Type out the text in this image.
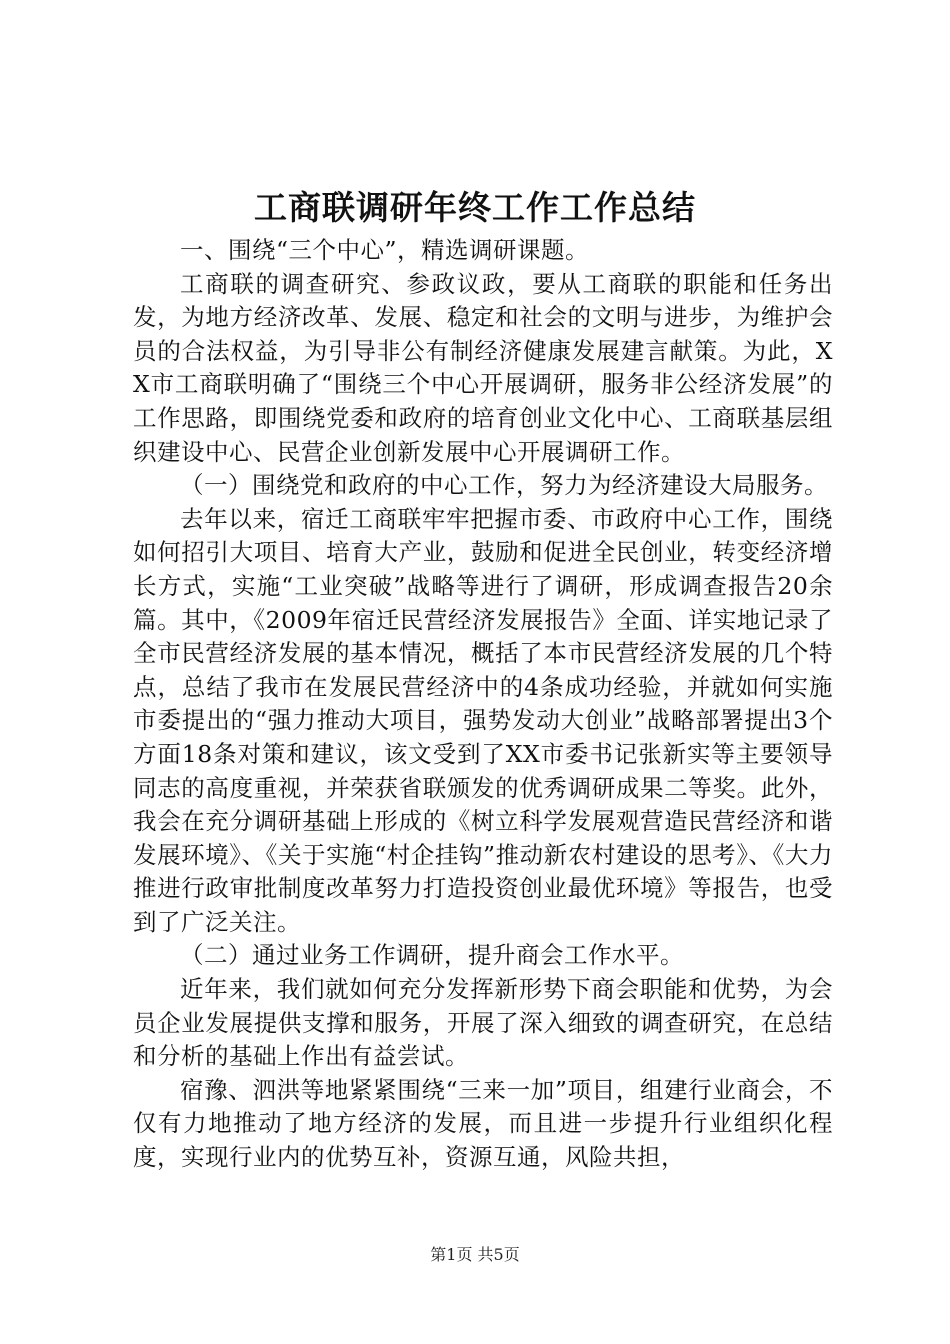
工商联调研年终工作工作总结

一、围绕“三个中心”，精选调研课题。

工商联的调查研究、参政议政，要从工商联的职能和任务出发，为地方经济改革、发展、稳定和社会的文明与进步，为维护会员的合法权益，为引导非公有制经济健康发展建言献策。为此，XX市工商联明确了“围绕三个中心开展调研，服务非公经济发展”的工作思路，即围绕党委和政府的培育创业文化中心、工商联基层组织建设中心、民营企业创新发展中心开展调研工作。

（一）围绕党和政府的中心工作，努力为经济建设大局服务。

去年以来，宿迁工商联牢牢把握市委、市政府中心工作，围绕如何招引大项目、培育大产业，鼓励和促进全民创业，转变经济增长方式，实施“工业突破”战略等进行了调研，形成调查报告20余篇。其中，《2009年宿迁民营经济发展报告》全面、详实地记录了全市民营经济发展的基本情况，概括了本市民营经济发展的几个特点，总结了我市在发展民营经济中的4条成功经验，并就如何实施市委提出的“强力推动大项目，强势发动大创业”战略部署提出3个方面18条对策和建议，该文受到了XX市委书记张新实等主要领导同志的高度重视，并荣获省联颁发的优秀调研成果二等奖。此外，我会在充分调研基础上形成的《树立科学发展观营造民营经济和谐发展环境》、《关于实施“村企挂钩”推动新农村建设的思考》、《大力推进行政审批制度改革努力打造投资创业最优环境》等报告，也受到了广泛关注。

（二）通过业务工作调研，提升商会工作水平。

近年来，我们就如何充分发挥新形势下商会职能和优势，为会员企业发展提供支撑和服务，开展了深入细致的调查研究，在总结和分析的基础上作出有益尝试。

宿豫、泗洪等地紧紧围绕“三来一加”项目，组建行业商会，不仅有力地推动了地方经济的发展，而且进一步提升行业组织化程度，实现行业内的优势互补，资源互通，风险共担，

第1页 共5页
